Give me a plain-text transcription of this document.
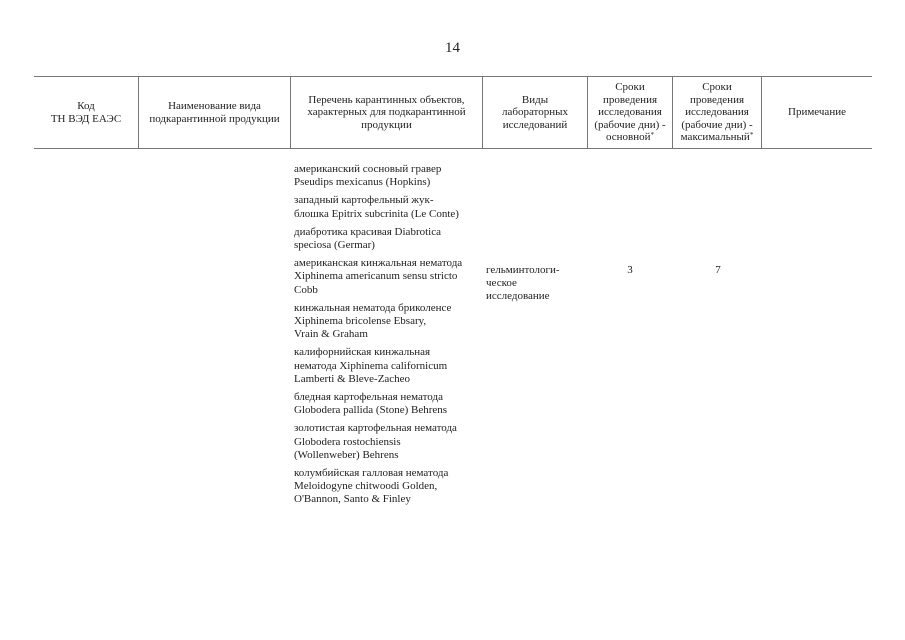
14
Код
ТН ВЭД ЕАЭС
Наименование вида
подкарантинной продукции
Перечень карантинных объектов,
характерных для подкарантинной
продукции
Виды
лабораторных
исследований
Сроки
проведения
исследования
(рабочие дни) -
основной*
Сроки
проведения
исследования
(рабочие дни) -
максимальный*
Примечание
американский сосновый гравер
Pseudips mexicanus (Hopkins)
западный картофельный жук-
блошка Epitrix subcrinita (Le Conte)
диабротика красивая Diabrotica
speciosa (Germar)
американская кинжальная нематода
Xiphinema americanum sensu stricto
Cobb
кинжальная нематода бриколенсе
Xiphinema bricolense Ebsary,
Vrain & Graham
калифорнийская кинжальная
нематода Xiphinema californicum
Lamberti & Bleve-Zacheo
бледная картофельная нематода
Globodera pallida (Stone) Behrens
золотистая картофельная нематода
Globodera rostochiensis
(Wollenweber) Behrens
колумбийская галловая нематода
Meloidogyne chitwoodi Golden,
O'Bannon, Santo & Finley
гельминтологи-
ческое
исследование
3	7
